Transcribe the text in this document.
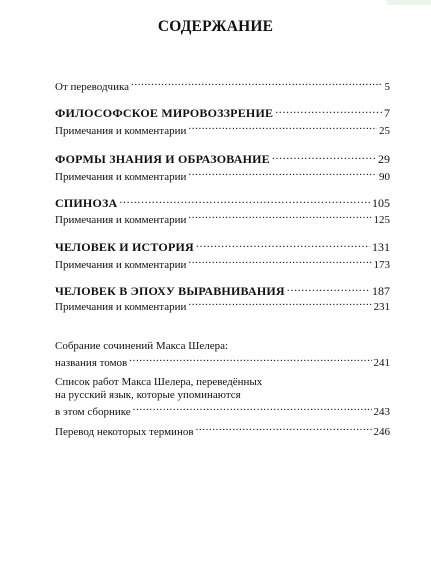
СОДЕРЖАНИЕ
От переводчика .....	5
ФИЛОСОФСКОЕ МИРОВОЗЗРЕНИЕ .....	7
Примечания и комментарии .....	25
ФОРМЫ ЗНАНИЯ И ОБРАЗОВАНИЕ .....	29
Примечания и комментарии .....	90
СПИНОЗА .....	105
Примечания и комментарии .....	125
ЧЕЛОВЕК И ИСТОРИЯ .....	131
Примечания и комментарии .....	173
ЧЕЛОВЕК В ЭПОХУ ВЫРАВНИВАНИЯ .....	187
Примечания и комментарии .....	231
Собрание сочинений Макса Шелера:
названия томов .....	241
Список работ Макса Шелера, переведённых
на русский язык, которые упоминаются
в этом сборнике .....	243
Перевод некоторых терминов .....	246
